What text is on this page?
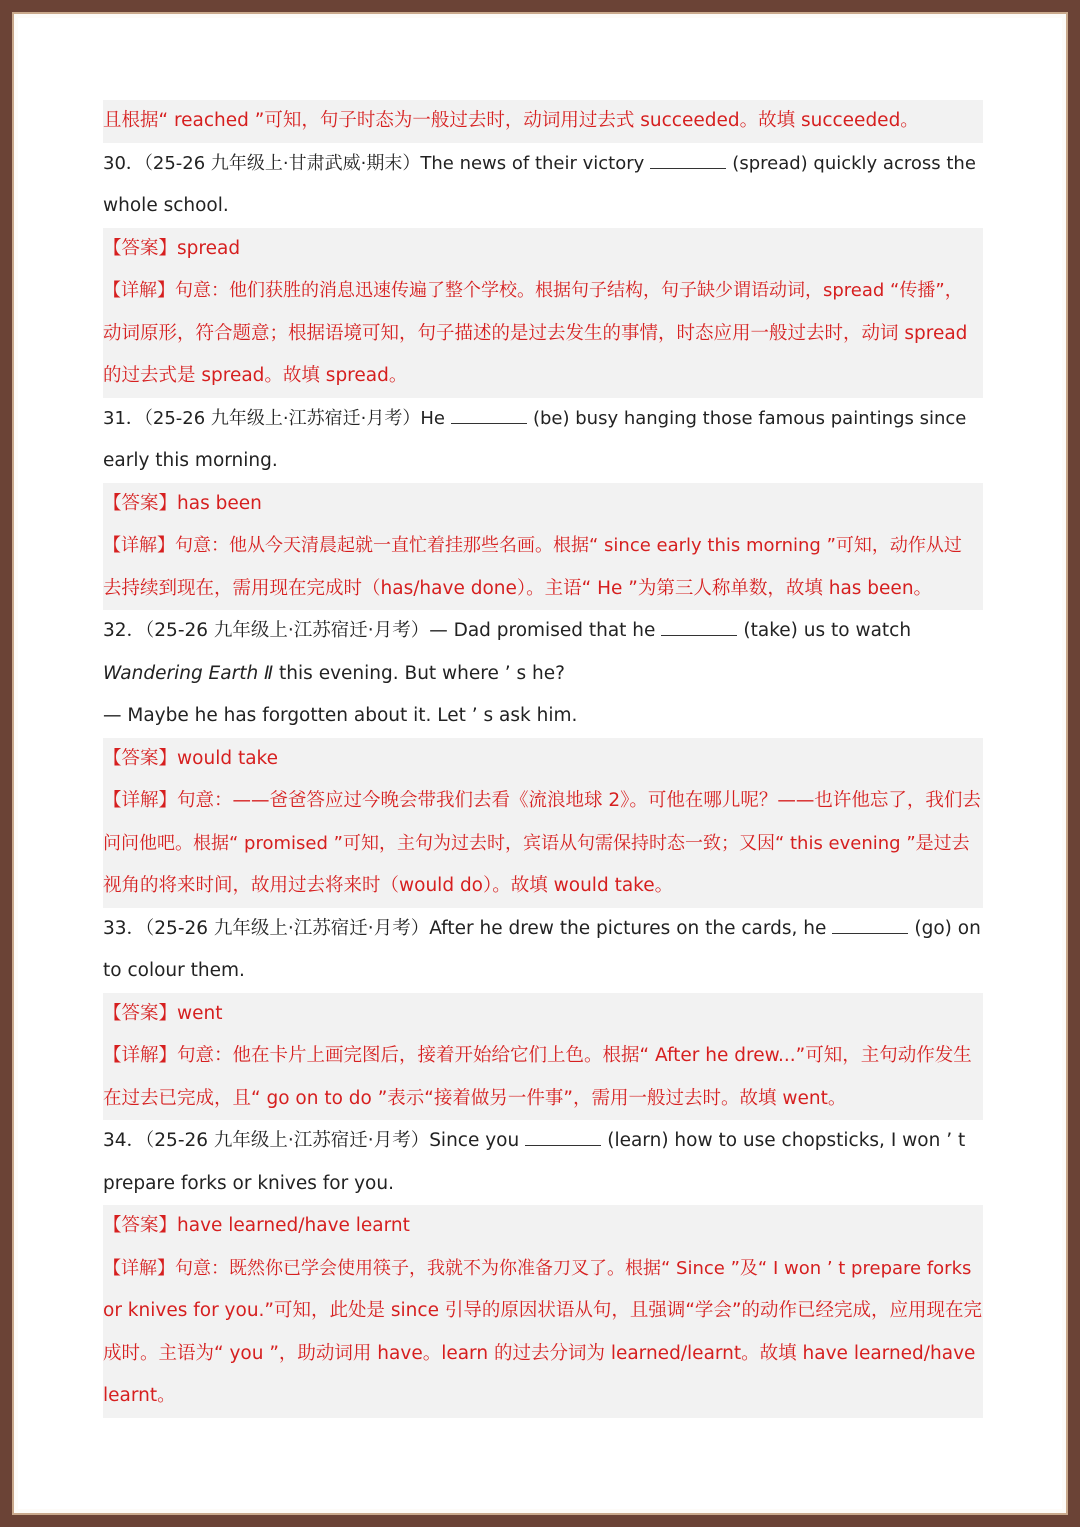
且根据“ reached ”可知，句子时态为一般过去时，动词用过去式 succeeded。故填 succeeded。
30．（25-26 九年级上·甘肃武威·期末）The news of their victory	(spread) quickly across the
whole school.
【答案】spread
【详解】句意：他们获胜的消息迅速传遍了整个学校。根据句子结构，句子缺少谓语动词，spread “传播”，
动词原形，符合题意；根据语境可知，句子描述的是过去发生的事情，时态应用一般过去时，动词 spread
的过去式是 spread。故填 spread。
31．（25-26 九年级上·江苏宿迁·月考）He	(be) busy hanging those famous paintings since
early this morning.
【答案】has been
【详解】句意：他从今天清晨起就一直忙着挂那些名画。根据“ since early this morning ”可知，动作从过
去持续到现在，需用现在完成时（has/have done）。主语“ He ”为第三人称单数，故填 has been。
32．（25-26 九年级上·江苏宿迁·月考）— Dad promised that he	(take) us to watch
Wandering Earth Ⅱ this evening. But where ’ s he?
— Maybe he has forgotten about it. Let ’ s ask him.
【答案】would take
【详解】句意：——爸爸答应过今晚会带我们去看《流浪地球 2》。可他在哪儿呢？——也许他忘了，我们去
问问他吧。根据“ promised ”可知，主句为过去时，宾语从句需保持时态一致；又因“ this evening ”是过去
视角的将来时间，故用过去将来时（would do）。故填 would take。
33．（25-26 九年级上·江苏宿迁·月考）After he drew the pictures on the cards, he	(go) on
to colour them.
【答案】went
【详解】句意：他在卡片上画完图后，接着开始给它们上色。根据“ After he drew...”可知，主句动作发生
在过去已完成，且“ go on to do ”表示“接着做另一件事”，需用一般过去时。故填 went。
34．（25-26 九年级上·江苏宿迁·月考）Since you	(learn) how to use chopsticks, I won ’ t
prepare forks or knives for you.
【答案】have learned/have learnt
【详解】句意：既然你已学会使用筷子，我就不为你准备刀叉了。根据“ Since ”及“ I won ’ t prepare forks
or knives for you.”可知，此处是 since 引导的原因状语从句，且强调“学会”的动作已经完成，应用现在完
成时。主语为“ you ”，助动词用 have。learn 的过去分词为 learned/learnt。故填 have learned/have
learnt。
